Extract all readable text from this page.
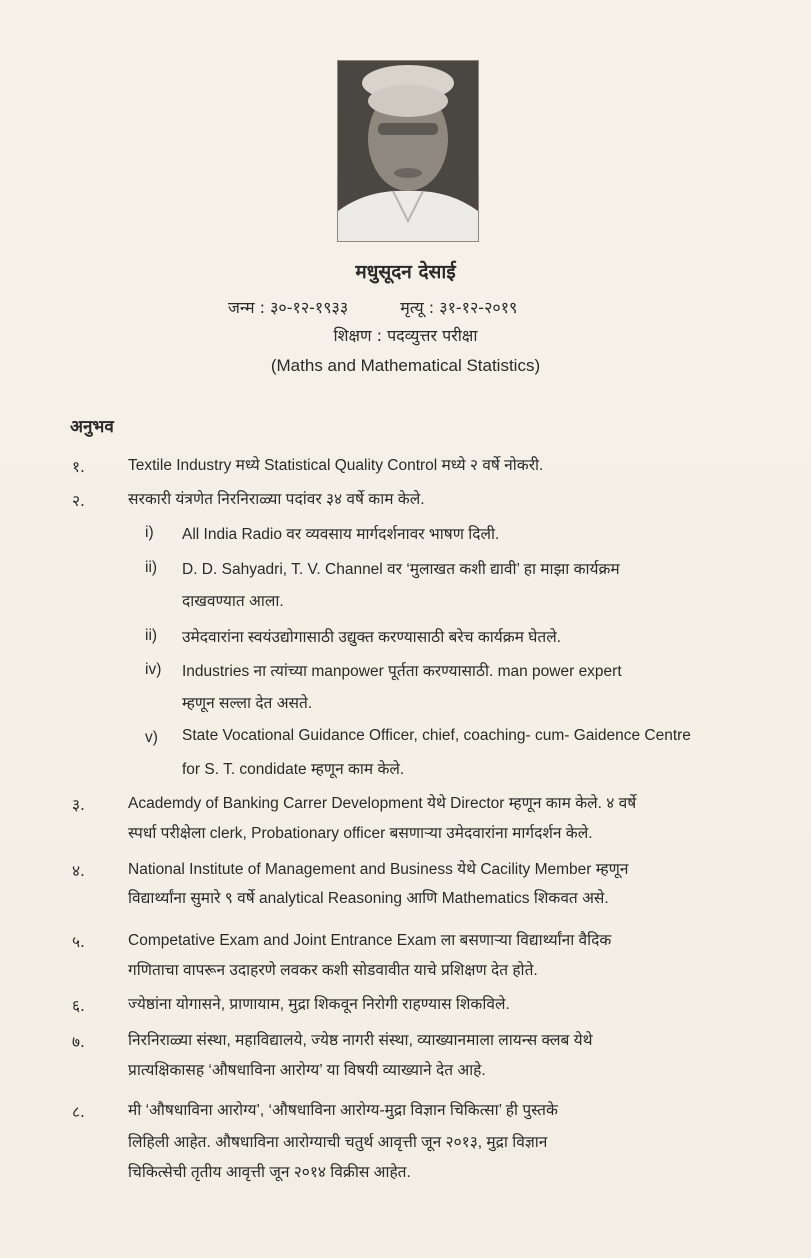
मधुसूदन देसाई
जन्म : ३०-१२-१९३३	मृत्यू : ३१-१२-२०१९
शिक्षण : पदव्युत्तर परीक्षा
(Maths and Mathematical Statistics)
अनुभव
१.	Textile Industry मध्ये Statistical Quality Control मध्ये २ वर्षे नोकरी.
२.	सरकारी यंत्रणेत निरनिराळ्या पदांवर ३४ वर्षे काम केले.
i) All India Radio वर व्यवसाय मार्गदर्शनावर भाषण दिली.
ii) D. D. Sahyadri, T. V. Channel वर ‘मुलाखत कशी द्यावी’ हा माझा कार्यक्रम
दाखवण्यात आला.
ii) उमेदवारांना स्वयंउद्योगासाठी उद्युक्त करण्यासाठी बरेच कार्यक्रम घेतले.
iv) Industries ना त्यांच्या manpower पूर्तता करण्यासाठी. man power expert
म्हणून सल्ला देत असते.
v) State Vocational Guidance Officer, chief, coaching- cum- Gaidence Centre
for S. T. condidate म्हणून काम केले.
३.	Academdy of Banking Carrer Development येथे Director म्हणून काम केले. ४ वर्षे
स्पर्धा परीक्षेला clerk, Probationary officer बसणाऱ्या उमेदवारांना मार्गदर्शन केले.
४.	National Institute of Management and Business येथे Cacility Member म्हणून
विद्यार्थ्यांना सुमारे ९ वर्षे analytical Reasoning आणि Mathematics शिकवत असे.
५.	Competative Exam and Joint Entrance Exam ला बसणाऱ्या विद्यार्थ्यांना वैदिक
गणिताचा वापरून उदाहरणे लवकर कशी सोडवावीत याचे प्रशिक्षण देत होते.
६.	ज्येष्ठांना योगासने, प्राणायाम, मुद्रा शिकवून निरोगी राहण्यास शिकविले.
७.	निरनिराळ्या संस्था, महाविद्यालये, ज्येष्ठ नागरी संस्था, व्याख्यानमाला लायन्स क्लब येथे
प्रात्यक्षिकासह ‘औषधाविना आरोग्य’ या विषयी व्याख्याने देत आहे.
८.	मी ‘औषधाविना आरोग्य’, ‘औषधाविना आरोग्य-मुद्रा विज्ञान चिकित्सा’ ही पुस्तके
लिहिली आहेत. औषधाविना आरोग्याची चतुर्थ आवृत्ती जून २०१३, मुद्रा विज्ञान
चिकित्सेची तृतीय आवृत्ती जून २०१४ विक्रीस आहेत.
